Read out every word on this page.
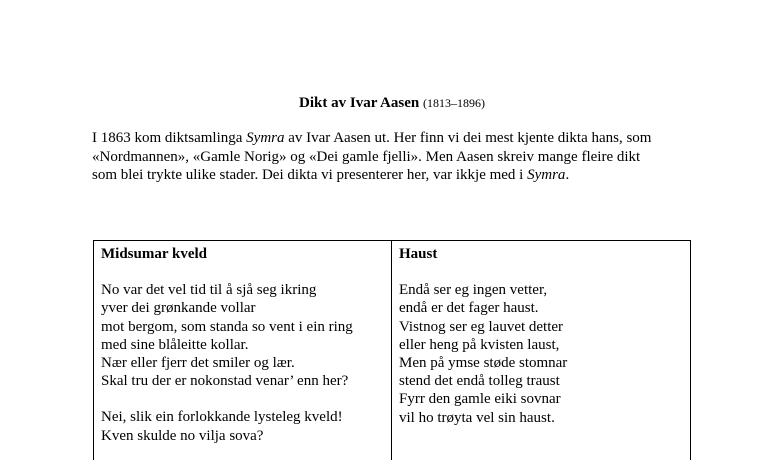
Dikt av Ivar Aasen (1813–1896)

I 1863 kom diktsamlinga Symra av Ivar Aasen ut. Her finn vi dei mest kjente dikta hans, som

«Nordmannen», «Gamle Norig» og «Dei gamle fjelli». Men Aasen skreiv mange fleire dikt

som blei trykte ulike stader. Dei dikta vi presenterer her, var ikkje med i Symra.

Midsumar kveld
No var det vel tid til å sjå seg ikring
yver dei grønkande vollar
mot bergom, som standa so vent i ein ring
med sine blåleitte kollar.
Nær eller fjerr det smiler og lær.
Skal tru der er nokonstad venar’ enn her?
Nei, slik ein forlokkande lysteleg kveld!
Kven skulde no vilja sova?
Haust
Endå ser eg ingen vetter,
endå er det fager haust.
Vistnog ser eg lauvet detter
eller heng på kvisten laust,
Men på ymse støde stomnar
stend det endå tolleg traust
Fyrr den gamle eiki sovnar
vil ho trøyta vel sin haust.
